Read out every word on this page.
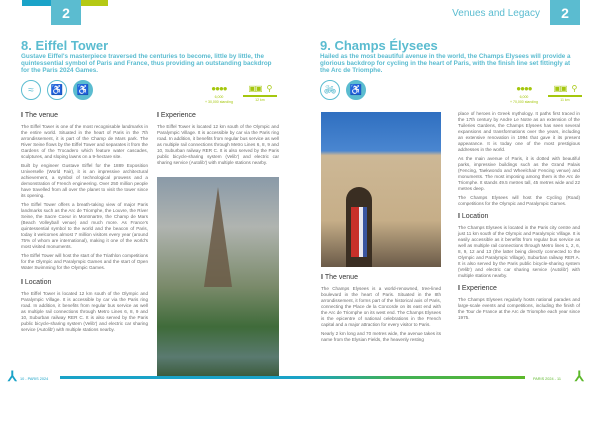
2
8. Eiffel Tower
Gustave Eiffel's masterpiece traversed the centuries to become, little by little, the quintessential symbol of Paris and France, thus providing an outstanding backdrop for the Paris 2024 Games.
≈	♿	♿	●●●●
6,000
+ 30,000 standing
▣▣    ⚲
12 km
I The venue

The Eiffel Tower is one of the most recognisable landmarks in the entire world. Situated in the heart of Paris in the 7th arrondissement, it is part of the Champ de Mars park. The River Seine flows by the Eiffel Tower and separates it from the Gardens of the Trocadero which feature water cascades, sculptures, and sloping lawns on a 9-hectare site.

Built by engineer Gustave Eiffel for the 1889 Exposition Universelle (World Fair), it is an impressive architectural achievement, a symbol of technological prowess and a demonstration of French engineering. Over 250 million people have travelled from all over the planet to visit the tower since its opening.

The Eiffel Tower offers a breath-taking view of major Paris landmarks such as the Arc de Triomphe, the Louvre, the River Seine, the Sacre Coeur in Montmartre, the Champ de Mars (Beach Volleyball venue) and much more. As France's quintessential symbol to the world and the beacon of Paris, today it welcomes almost 7 million visitors every year (around 75% of whom are international), making it one of the world's most visited monuments.

The Eiffel Tower will host the start of the Triathlon competitions for the Olympic and Paralympic Games and the start of Open Water Swimming for the Olympic Games.

I Location

The Eiffel Tower is located 12 km south of the Olympic and Paralympic Village. It is accessible by car via the Paris ring road. In addition, it benefits from regular bus service as well as multiple rail connections through Metro Lines 6, 8, 9 and 10, Suburban railway RER C. It is also served by the Paris public bicycle-sharing system (Velib') and electric car sharing service (Autolib') with multiple stations nearby.

I Experience

The Eiffel Tower is located 12 km south of the Olympic and Paralympic Village. It is accessible by car via the Paris ring road. In addition, it benefits from regular bus service as well as multiple rail connections through Metro Lines 6, 8, 9 and 10, Suburban railway RER C. It is also served by the Paris public bicycle-sharing system (Velib') and electric car sharing service (Autolib') with multiple stations nearby.

⅄ 10 - PARIS 2024
Venues and Legacy	2
9. Champs Élysees
Hailed as the most beautiful avenue in the world, the Champs Elysees will provide a glorious backdrop for cycling in the heart of Paris, with the finish line set fittingly at the Arc de Triomphe.
🚲︎	♿	●●●●
6,000
+ 70,000 standing
▣▣    ⚲
11 km
I The venue

The Champs Elysees is a world-renowned, tree-lined boulevard in the heart of Paris. Situated in the 8th arrondissement, it forms part of the historical axis of Paris, connecting the Place de la Concorde on its east end with the Arc de Triomphe on its west end. The Champs Elysees is the epicentre of national celebrations in the French capital and a major attraction for every visitor to Paris.

Nearly 2 km long and 70 metres wide, the avenue takes its name from the Elysian Fields, the heavenly resting

place of heroes in Greek mythology. It paths first traced in the 17th century by Andre Le Notre as an extension of the Tuileries Gardens, the Champs Elysees has seen several expansions and transformations over the years, including an extensive renovation in 1994 that gave it its present appearance. It is today one of the most prestigious addresses in the world.

As the main avenue of Paris, it is dotted with beautiful parks, impressive buildings such as the Grand Palais (Fencing, Taekwondo and Wheelchair Fencing venue) and monuments. The most imposing among them is the Arc de Triomphe. It stands 49.5 metres tall, 45 metres wide and 22 metres deep.

The Champs Elysees will host the Cycling (Road) competitions for the Olympic and Paralympic Games.

I Location

The Champs Elysees is located in the Paris city centre and just 11 km south of the Olympic and Paralympic Village. It is easily accessible as it benefits from regular bus service as well as multiple rail connections through Metro lines 1, 2, 6, 8, 9, 12 and 13 (the latter being directly connected to the Olympic and Paralympic Village), Suburban railway RER A. It is also served by the Paris public bicycle-sharing system (Velib') and electric car sharing service (Autolib') with multiple stations nearby.

I Experience

The Champs Elysees regularly hosts national parades and large-scale events and competitions, including the finish of the Tour de France at the Arc de Triomphe each year since 1975.

PARIS 2024 - 11 ⅄
